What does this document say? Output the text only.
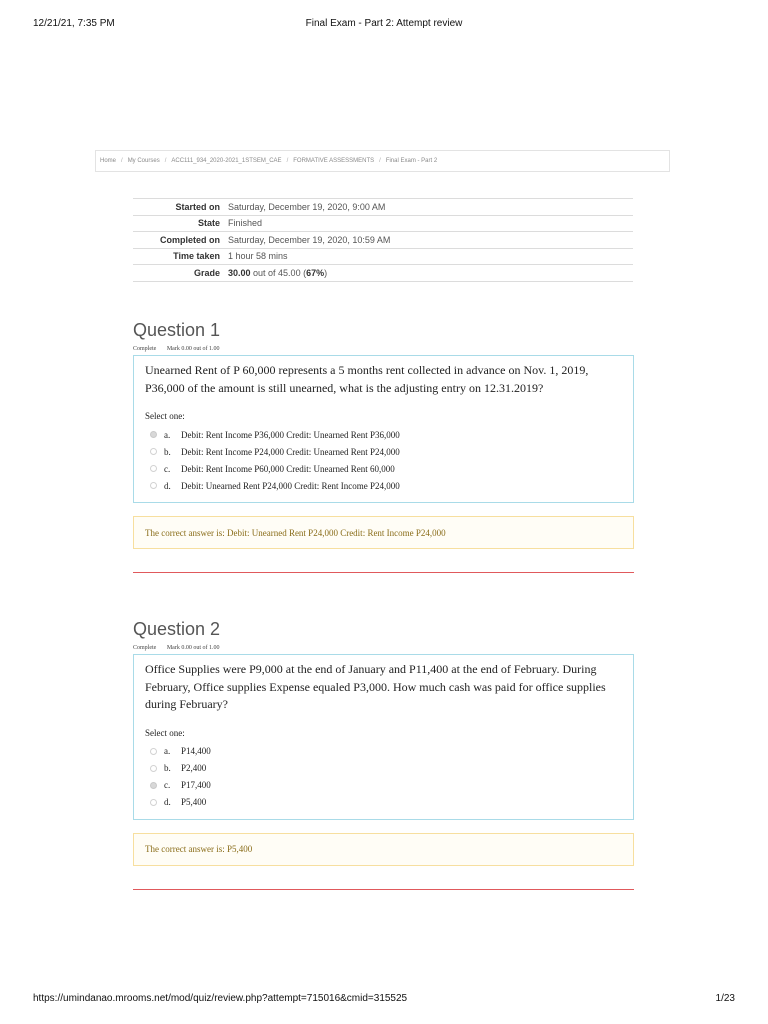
12/21/21, 7:35 PM	Final Exam - Part 2: Attempt review
Home / My Courses / ACC111_934_2020-2021_1STSEM_CAE / FORMATIVE ASSESSMENTS / Final Exam - Part 2
Started on	Saturday, December 19, 2020, 9:00 AM
State	Finished
Completed on	Saturday, December 19, 2020, 10:59 AM
Time taken	1 hour 58 mins
Grade	30.00 out of 45.00 (67%)
Question 1
Complete Mark 0.00 out of 1.00
Unearned Rent of P 60,000 represents a 5 months rent collected in advance on Nov. 1, 2019, P36,000 of the amount is still unearned, what is the adjusting entry on 12.31.2019?
Select one:
a.	Debit: Rent Income P36,000 Credit: Unearned Rent P36,000
b.	Debit: Rent Income P24,000 Credit: Unearned Rent P24,000
c.	Debit: Rent Income P60,000 Credit: Unearned Rent 60,000
d.	Debit: Unearned Rent P24,000 Credit: Rent Income P24,000
The correct answer is: Debit: Unearned Rent P24,000 Credit: Rent Income P24,000
Question 2
Complete Mark 0.00 out of 1.00
Office Supplies were P9,000 at the end of January and P11,400 at the end of February. During February, Office supplies Expense equaled P3,000. How much cash was paid for office supplies during February?
Select one:
a.	P14,400
b.	P2,400
c.	P17,400
d.	P5,400
The correct answer is: P5,400
https://umindanao.mrooms.net/mod/quiz/review.php?attempt=715016&cmid=315525	1/23
